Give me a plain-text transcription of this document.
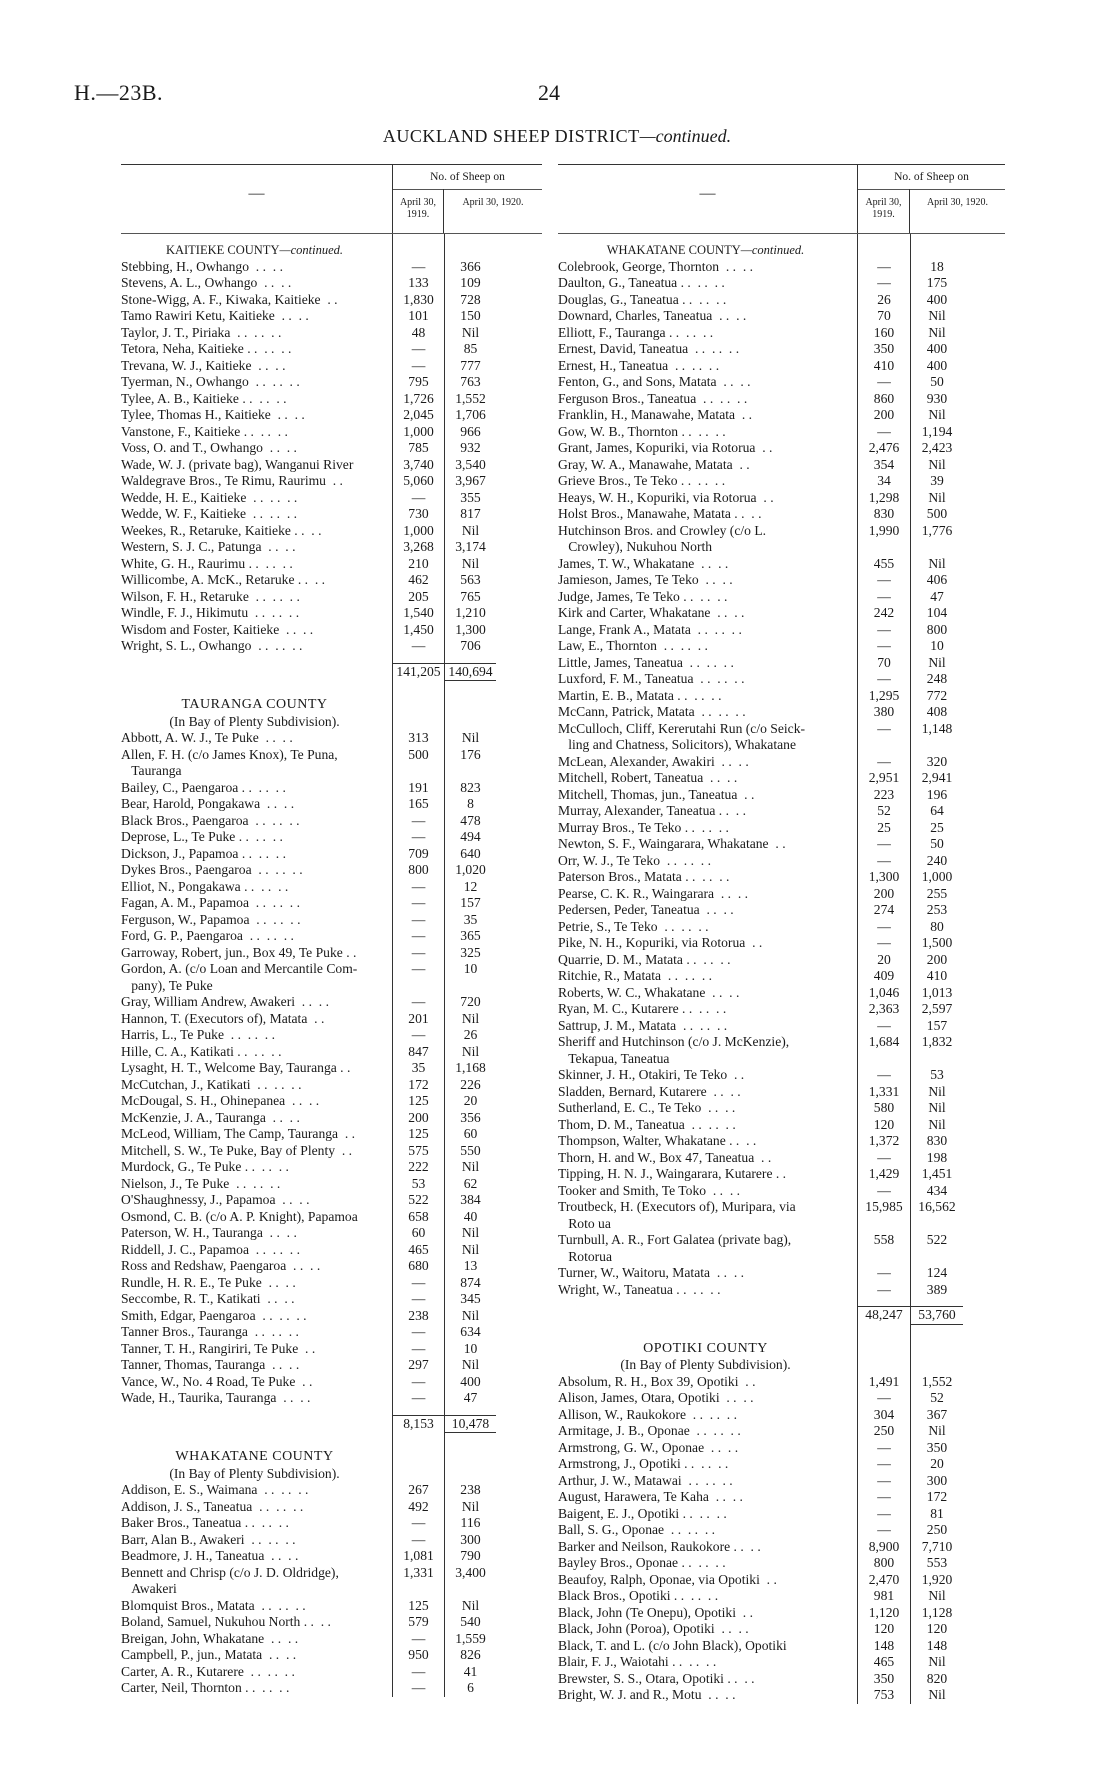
H.—23B.	24
AUCKLAND SHEEP DISTRICT—continued.
—
No. of Sheep on
April 30, 1919.
April 30, 1920.
KAITIEKE COUNTY—continued.
Stebbing, H., Owhango  . .  . .	—	366
Stevens, A. L., Owhango  . .  . .	133	109
Stone-Wigg, A. F., Kiwaka, Kaitieke  . .	1,830	728
Tamo Rawiri Ketu, Kaitieke  . .  . .	101	150
Taylor, J. T., Piriaka  . .  . .  . .	48	Nil
Tetora, Neha, Kaitieke . .  . .  . .	—	85
Trevana, W. J., Kaitieke  . .  . .	—	777
Tyerman, N., Owhango  . .  . .  . .	795	763
Tylee, A. B., Kaitieke . .  . .  . .	1,726	1,552
Tylee, Thomas H., Kaitieke  . .  . .	2,045	1,706
Vanstone, F., Kaitieke . .  . .  . .	1,000	966
Voss, O. and T., Owhango  . .  . .	785	932
Wade, W. J. (private bag), Wanganui River	3,740	3,540
Waldegrave Bros., Te Rimu, Raurimu  . .	5,060	3,967
Wedde, H. E., Kaitieke  . .  . .  . .	—	355
Wedde, W. F., Kaitieke  . .  . .  . .	730	817
Weekes, R., Retaruke, Kaitieke . .  . .	1,000	Nil
Western, S. J. C., Patunga  . .  . .	3,268	3,174
White, G. H., Raurimu . .  . .  . .	210	Nil
Willicombe, A. McK., Retaruke . .  . .	462	563
Wilson, F. H., Retaruke  . .  . .  . .	205	765
Windle, F. J., Hikimutu  . .  . .  . .	1,540	1,210
Wisdom and Foster, Kaitieke  . .  . .	1,450	1,300
Wright, S. L., Owhango  . .  . .  . .	—	706
141,205 140,694
TAURANGA COUNTY
(In Bay of Plenty Subdivision).
Abbott, A. W. J., Te Puke  . .  . .	313	Nil
Allen, F. H. (c/o James Knox), Te Puna,	500	176
Tauranga
Bailey, C., Paengaroa . .  . .  . .	191	823
Bear, Harold, Pongakawa  . .  . .	165	8
Black Bros., Paengaroa  . .  . .  . .	—	478
Deprose, L., Te Puke . .  . .  . .	—	494
Dickson, J., Papamoa . .  . .  . .	709	640
Dykes Bros., Paengaroa  . .  . .  . .	800	1,020
Elliot, N., Pongakawa . .  . .  . .	—	12
Fagan, A. M., Papamoa  . .  . .  . .	—	157
Ferguson, W., Papamoa  . .  . .  . .	—	35
Ford, G. P., Paengaroa  . .  . .  . .	—	365
Garroway, Robert, jun., Box 49, Te Puke . .	—	325
Gordon, A. (c/o Loan and Mercantile Com-	—	10
pany), Te Puke
Gray, William Andrew, Awakeri  . .  . .	—	720
Hannon, T. (Executors of), Matata  . .	201	Nil
Harris, L., Te Puke  . .  . .  . .	—	26
Hille, C. A., Katikati . .  . .  . .	847	Nil
Lysaght, H. T., Welcome Bay, Tauranga . .	35	1,168
McCutchan, J., Katikati  . .  . .  . .	172	226
McDougal, S. H., Ohinepanea  . .  . .	125	20
McKenzie, J. A., Tauranga  . .  . .	200	356
McLeod, William, The Camp, Tauranga  . .	125	60
Mitchell, S. W., Te Puke, Bay of Plenty  . .	575	550
Murdock, G., Te Puke . .  . .  . .	222	Nil
Nielson, J., Te Puke  . .  . .  . .	53	62
O'Shaughnessy, J., Papamoa  . .  . .	522	384
Osmond, C. B. (c/o A. P. Knight), Papamoa	658	40
Paterson, W. H., Tauranga  . .  . .	60	Nil
Riddell, J. C., Papamoa  . .  . .  . .	465	Nil
Ross and Redshaw, Paengaroa  . .  . .	680	13
Rundle, H. R. E., Te Puke  . .  . .	—	874
Seccombe, R. T., Katikati  . .  . .	—	345
Smith, Edgar, Paengaroa  . .  . .  . .	238	Nil
Tanner Bros., Tauranga  . .  . .  . .	—	634
Tanner, T. H., Rangiriri, Te Puke  . .	—	10
Tanner, Thomas, Tauranga  . .  . .	297	Nil
Vance, W., No. 4 Road, Te Puke  . .	—	400
Wade, H., Taurika, Tauranga  . .  . .	—	47
8,153	10,478
WHAKATANE COUNTY
(In Bay of Plenty Subdivision).
Addison, E. S., Waimana  . .  . .  . .	267	238
Addison, J. S., Taneatua  . .  . .  . .	492	Nil
Baker Bros., Taneatua . .  . .  . .	—	116
Barr, Alan B., Awakeri  . .  . .  . .	—	300
Beadmore, J. H., Taneatua  . .  . .	1,081	790
Bennett and Chrisp (c/o J. D. Oldridge),	1,331	3,400
Awakeri
Blomquist Bros., Matata  . .  . .  . .	125	Nil
Boland, Samuel, Nukuhou North . .  . .	579	540
Breigan, John, Whakatane  . .  . .	—	1,559
Campbell, P., jun., Matata  . .  . .	950	826
Carter, A. R., Kutarere  . .  . .  . .	—	41
Carter, Neil, Thornton . .  . .  . .	—	6
—
No. of Sheep on
April 30, 1919.
April 30, 1920.
WHAKATANE COUNTY—continued.
Colebrook, George, Thornton  . .  . .	—	18
Daulton, G., Taneatua . .  . .  . .	—	175
Douglas, G., Taneatua . .  . .  . .	26	400
Downard, Charles, Taneatua  . .  . .	70	Nil
Elliott, F., Tauranga . .  . .  . .	160	Nil
Ernest, David, Taneatua  . .  . .  . .	350	400
Ernest, H., Taneatua  . .  . .  . .	410	400
Fenton, G., and Sons, Matata  . .  . .	—	50
Ferguson Bros., Taneatua  . .  . .  . .	860	930
Franklin, H., Manawahe, Matata  . .	200	Nil
Gow, W. B., Thornton . .  . .  . .	—	1,194
Grant, James, Kopuriki, via Rotorua  . .	2,476	2,423
Gray, W. A., Manawahe, Matata  . .	354	Nil
Grieve Bros., Te Teko . .  . .  . .	34	39
Heays, W. H., Kopuriki, via Rotorua  . .	1,298	Nil
Holst Bros., Manawahe, Matata . .  . .	830	500
Hutchinson Bros. and Crowley (c/o L.	1,990	1,776
Crowley), Nukuhou North
James, T. W., Whakatane  . .  . .	455	Nil
Jamieson, James, Te Teko  . .  . .	—	406
Judge, James, Te Teko . .  . .  . .	—	47
Kirk and Carter, Whakatane  . .  . .	242	104
Lange, Frank A., Matata  . .  . .  . .	—	800
Law, E., Thornton  . .  . .  . .	—	10
Little, James, Taneatua  . .  . .  . .	70	Nil
Luxford, F. M., Taneatua  . .  . .  . .	—	248
Martin, E. B., Matata . .  . .  . .	1,295	772
McCann, Patrick, Matata  . .  . .  . .	380	408
McCulloch, Cliff, Kererutahi Run (c/o Seick-	—	1,148
ling and Chatness, Solicitors), Whakatane
McLean, Alexander, Awakiri  . .  . .	—	320
Mitchell, Robert, Taneatua  . .  . .	2,951	2,941
Mitchell, Thomas, jun., Taneatua  . .	223	196
Murray, Alexander, Taneatua . .  . .	52	64
Murray Bros., Te Teko . .  . .  . .	25	25
Newton, S. F., Waingarara, Whakatane  . .	—	50
Orr, W. J., Te Teko  . .  . .  . .	—	240
Paterson Bros., Matata . .  . .  . .	1,300	1,000
Pearse, C. K. R., Waingarara  . .  . .	200	255
Pedersen, Peder, Taneatua  . .  . .	274	253
Petrie, S., Te Teko  . .  . .  . .	—	80
Pike, N. H., Kopuriki, via Rotorua  . .	—	1,500
Quarrie, D. M., Matata . .  . .  . .	20	200
Ritchie, R., Matata  . .  . .  . .	409	410
Roberts, W. C., Whakatane  . .  . .	1,046	1,013
Ryan, M. C., Kutarere . .  . .  . .	2,363	2,597
Sattrup, J. M., Matata  . .  . .  . .	—	157
Sheriff and Hutchinson (c/o J. McKenzie),	1,684	1,832
Tekapua, Taneatua
Skinner, J. H., Otakiri, Te Teko  . .	—	53
Sladden, Bernard, Kutarere  . .  . .	1,331	Nil
Sutherland, E. C., Te Teko  . .  . .	580	Nil
Thom, D. M., Taneatua  . .  . .  . .	120	Nil
Thompson, Walter, Whakatane . .  . .	1,372	830
Thorn, H. and W., Box 47, Taneatua  . .	—	198
Tipping, H. N. J., Waingarara, Kutarere . .	1,429	1,451
Tooker and Smith, Te Toko  . .  . .	—	434
Troutbeck, H. (Executors of), Muripara, via	15,985	16,562
Roto ua
Turnbull, A. R., Fort Galatea (private bag),	558	522
Rotorua
Turner, W., Waitoru, Matata  . .  . .	—	124
Wright, W., Taneatua . .  . .  . .	—	389
48,247	53,760
OPOTIKI COUNTY
(In Bay of Plenty Subdivision).
Absolum, R. H., Box 39, Opotiki  . .	1,491	1,552
Alison, James, Otara, Opotiki  . .  . .	—	52
Allison, W., Raukokore  . .  . .  . .	304	367
Armitage, J. B., Oponae  . .  . .  . .	250	Nil
Armstrong, G. W., Oponae  . .  . .	—	350
Armstrong, J., Opotiki . .  . .  . .	—	20
Arthur, J. W., Matawai  . .  . .  . .	—	300
August, Harawera, Te Kaha  . .  . .	—	172
Baigent, E. J., Opotiki . .  . .  . .	—	81
Ball, S. G., Oponae  . .  . .  . .	—	250
Barker and Neilson, Raukokore . .  . .	8,900	7,710
Bayley Bros., Oponae . .  . .  . .	800	553
Beaufoy, Ralph, Oponae, via Opotiki  . .	2,470	1,920
Black Bros., Opotiki . .  . .  . .	981	Nil
Black, John (Te Onepu), Opotiki  . .	1,120	1,128
Black, John (Poroa), Opotiki  . .  . .	120	120
Black, T. and L. (c/o John Black), Opotiki	148	148
Blair, F. J., Waiotahi . .  . .  . .	465	Nil
Brewster, S. S., Otara, Opotiki . .  . .	350	820
Bright, W. J. and R., Motu  . .  . .	753	Nil
